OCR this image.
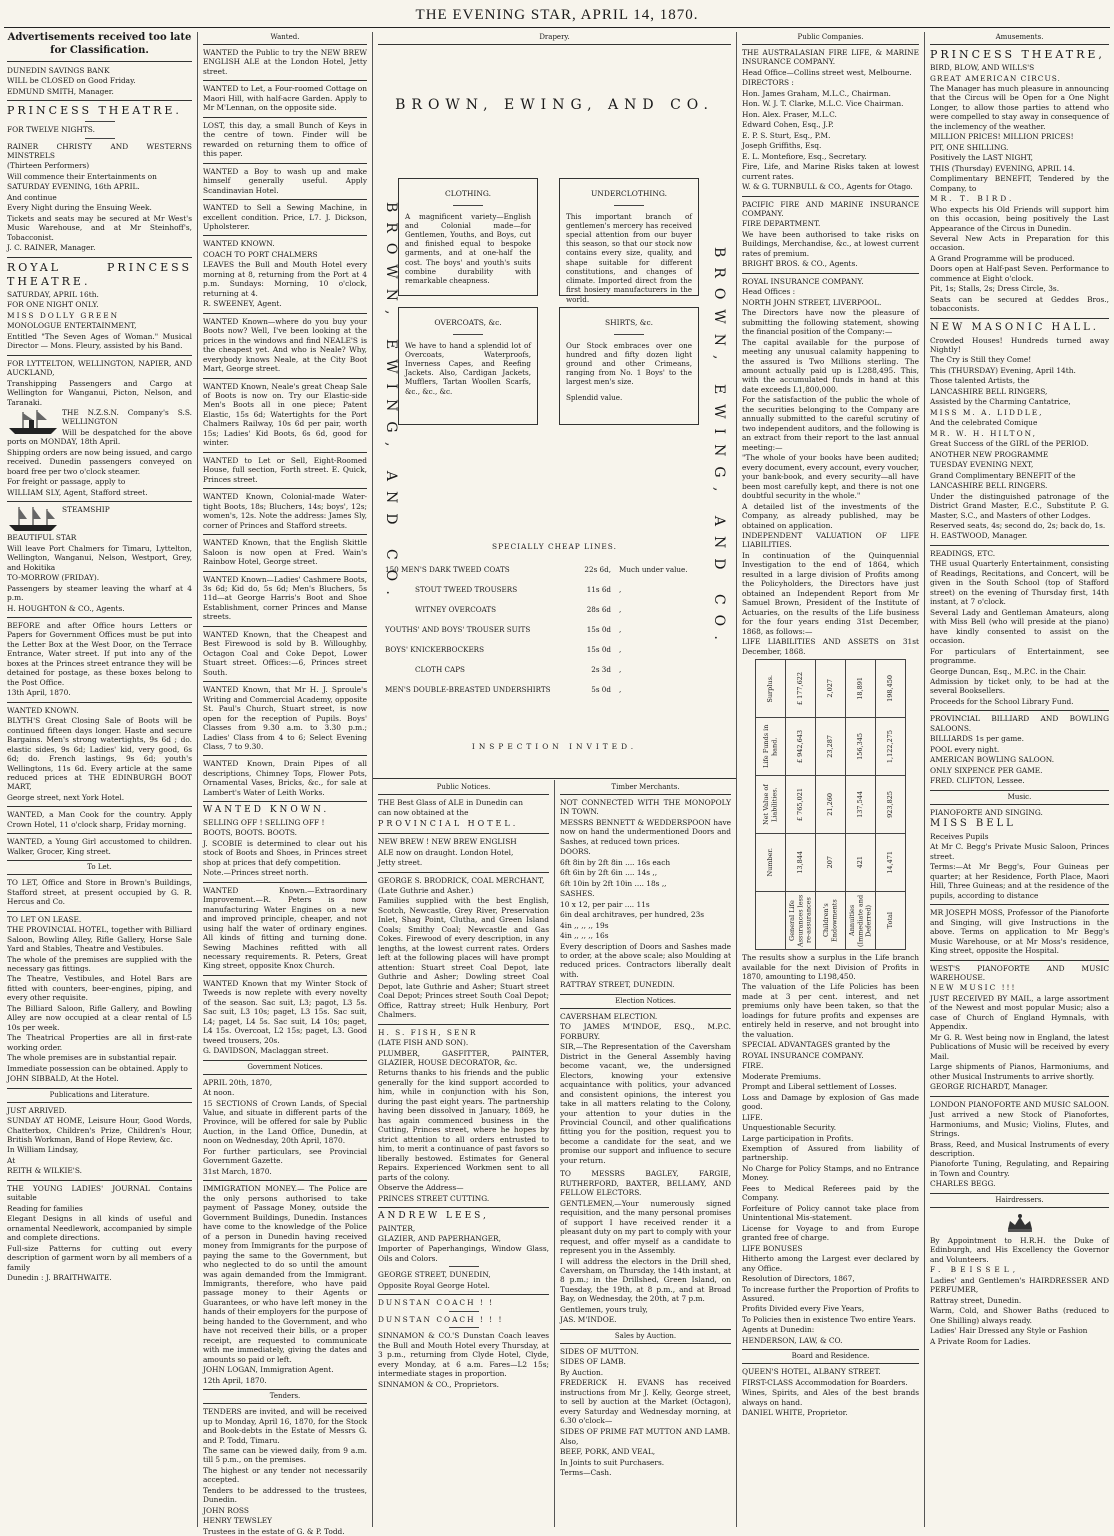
THE EVENING STAR, APRIL 14, 1870.
Advertisements received too late for Classification.

DUNEDIN SAVINGS BANK

WILL be CLOSED on Good Friday.

EDMUND SMITH, Manager.

PRINCESS THEATRE.

FOR TWELVE NIGHTS.

RAINER CHRISTY AND WESTERNS MINSTRELS

(Thirteen Performers)

Will commence their Entertainments on

SATURDAY EVENING, 16th APRIL.

And continue

Every Night during the Ensuing Week.

Tickets and seats may be secured at Mr West's Music Warehouse, and at Mr Steinhoff's, Tobacconist.

J. C. RAINER, Manager.

ROYAL PRINCESS THEATRE.

SATURDAY, APRIL 16th.

FOR ONE NIGHT ONLY.

MISS DOLLY GREEN

MONOLOGUE ENTERTAINMENT,

Entitled "The Seven Ages of Woman." Musical Director — Mons. Fleury, assisted by his Band.

FOR LYTTELTON, WELLINGTON, NAPIER, AND AUCKLAND,

Transhipping Passengers and Cargo at Wellington for Wanganui, Picton, Nelson, and Taranaki.

THE N.Z.S.N. Company's S.S. WELLINGTON

Will be despatched for the above ports on MONDAY, 18th April.

Shipping orders are now being issued, and cargo received. Dunedin passengers conveyed on board free per two o'clock steamer.

For freight or passage, apply to

WILLIAM SLY, Agent, Stafford street.

STEAMSHIP

BEAUTIFUL STAR

Will leave Port Chalmers for Timaru, Lyttelton, Wellington, Wanganui, Nelson, Westport, Grey, and Hokitika

TO-MORROW (FRIDAY).

Passengers by steamer leaving the wharf at 4 p.m.

H. HOUGHTON & CO., Agents.

BEFORE and after Office hours Letters or Papers for Government Offices must be put into the Letter Box at the West Door, on the Terrace Entrance, Water street. If put into any of the boxes at the Princes street entrance they will be detained for postage, as these boxes belong to the Post Office.

13th April, 1870.

WANTED KNOWN.

BLYTH'S Great Closing Sale of Boots will be continued fifteen days longer. Haste and secure Bargains. Men's strong watertights, 9s 6d ; do. elastic sides, 9s 6d; Ladies' kid, very good, 6s 6d; do. French lastings, 9s 6d; youth's Wellingtons, 11s 6d. Every article at the same reduced prices at THE EDINBURGH BOOT MART,

George street, next York Hotel.

WANTED, a Man Cook for the country. Apply Crown Hotel, 11 o'clock sharp, Friday morning.

WANTED, a Young Girl accustomed to children. Walker, Grocer, King street.

To Let.

TO LET, Office and Store in Brown's Buildings, Stafford street, at present occupied by G. R. Hercus and Co.

TO LET ON LEASE.

THE PROVINCIAL HOTEL, together with Billiard Saloon, Bowling Alley, Rifle Gallery, Horse Sale Yard and Stables, Theatre and Vestibules.

The whole of the premises are supplied with the necessary gas fittings.

The Theatre, Vestibules, and Hotel Bars are fitted with counters, beer-engines, piping, and every other requisite.

The Billiard Saloon, Rifle Gallery, and Bowling Alley are now occupied at a clear rental of L5 10s per week.

The Theatrical Properties are all in first-rate working order.

The whole premises are in substantial repair.

Immediate possession can be obtained. Apply to

JOHN SIBBALD, At the Hotel.

Publications and Literature.

JUST ARRIVED.

SUNDAY AT HOME, Leisure Hour, Good Words, Chatterbox, Children's Prize, Children's Hour, British Workman, Band of Hope Review, &c.

In William Lindsay,

At

REITH & WILKIE'S.

THE YOUNG LADIES' JOURNAL Contains suitable

Reading for families

Elegant Designs in all kinds of useful and ornamental Needlework, accompanied by simple and complete directions.

Full-size Patterns for cutting out every description of garment worn by all members of a family

Dunedin : J. BRAITHWAITE.

Wanted.

WANTED the Public to try the NEW BREW ENGLISH ALE at the London Hotel, Jetty street.

WANTED to Let, a Four-roomed Cottage on Maori Hill, with half-acre Garden. Apply to Mr M'Lennan, on the opposite side.

LOST, this day, a small Bunch of Keys in the centre of town. Finder will be rewarded on returning them to office of this paper.

WANTED a Boy to wash up and make himself generally useful. Apply Scandinavian Hotel.

WANTED to Sell a Sewing Machine, in excellent condition. Price, L7. J. Dickson, Upholsterer.

WANTED KNOWN.

COACH TO PORT CHALMERS

LEAVES the Bull and Mouth Hotel every morning at 8, returning from the Port at 4 p.m. Sundays: Morning, 10 o'clock, returning at 4.

R. SWEENEY, Agent.

WANTED Known—where do you buy your Boots now? Well, I've been looking at the prices in the windows and find NEALE'S is the cheapest yet. And who is Neale? Why, everybody knows Neale, at the City Boot Mart, George street.

WANTED Known, Neale's great Cheap Sale of Boots is now on. Try our Elastic-side Men's Boots all in one piece; Patent Elastic, 15s 6d; Watertights for the Port Chalmers Railway, 10s 6d per pair, worth 15s; Ladies' Kid Boots, 6s 6d, good for winter.

WANTED to Let or Sell, Eight-Roomed House, full section, Forth street. E. Quick, Princes street.

WANTED Known, Colonial-made Water-tight Boots, 18s; Bluchers, 14s; boys', 12s; women's, 12s. Note the address: James Sly, corner of Princes and Stafford streets.

WANTED Known, that the English Skittle Saloon is now open at Fred. Wain's Rainbow Hotel, George street.

WANTED Known—Ladies' Cashmere Boots, 3s 6d; Kid do, 5s 6d; Men's Bluchers, 5s 11d—at George Harris's Boot and Shoe Establishment, corner Princes and Manse streets.

WANTED Known, that the Cheapest and Best Firewood is sold by B. Willoughby, Octagon Coal and Coke Depot, Lower Stuart street. Offices:—6, Princes street South.

WANTED Known, that Mr H. J. Sproule's Writing and Commercial Academy, opposite St. Paul's Church, Stuart street, is now open for the reception of Pupils. Boys' Classes from 9.30 a.m. to 3.30 p.m.; Ladies' Class from 4 to 6; Select Evening Class, 7 to 9.30.

WANTED Known, Drain Pipes of all descriptions, Chimney Tops, Flower Pots, Ornamental Vases, Bricks, &c., for sale at Lambert's Water of Leith Works.

WANTED KNOWN.

SELLING OFF ! SELLING OFF !

BOOTS, BOOTS. BOOTS.

J. SCOBIE is determined to clear out his stock of Boots and Shoes, in Princes street shop at prices that defy competition.

Note.—Princes street north.

WANTED Known.—Extraordinary Improvement.—R. Peters is now manufacturing Water Engines on a new and improved principle, cheaper, and not using half the water of ordinary engines. All kinds of fitting and turning done. Sewing Machines refitted with all necessary requirements. R. Peters, Great King street, opposite Knox Church.

WANTED Known that my Winter Stock of Tweeds is now replete with every novelty of the season. Sac suit, L3; pagot, L3 5s. Sac suit, L3 10s; paget, L3 15s. Sac suit, L4; paget, L4 5s. Sac suit, L4 10s; paget, L4 15s. Overcoat, L2 15s; paget, L3. Good tweed trousers, 20s.

G. DAVIDSON, Maclaggan street.

Government Notices.

APRIL 20th, 1870,

At noon.

15 SECTIONS of Crown Lands, of Special Value, and situate in different parts of the Province, will be offered for sale by Public Auction, in the Land Office, Dunedin, at noon on Wednesday, 20th April, 1870.

For further particulars, see Provincial Government Gazette.

31st March, 1870.

IMMIGRATION MONEY.— The Police are the only persons authorised to take payment of Passage Money, outside the Government Buildings, Dunedin. Instances have come to the knowledge of the Police of a person in Dunedin having received money from Immigrants for the purpose of paying the same to the Government, but who neglected to do so until the amount was again demanded from the Immigrant. Immigrants, therefore, who have paid passage money to their Agents or Guarantees, or who have left money in the hands of their employers for the purpose of being handed to the Government, and who have not received their bills, or a proper receipt, are requested to communicate with me immediately, giving the dates and amounts so paid or left.

JOHN LOGAN, Immigration Agent.

12th April, 1870.

Tenders.

TENDERS are invited, and will be received up to Monday, April 16, 1870, for the Stock and Book-debts in the Estate of Messrs G. and P. Todd, Timaru.

The same can be viewed daily, from 9 a.m. till 5 p.m., on the premises.

The highest or any tender not necessarily accepted.

Tenders to be addressed to the trustees, Dunedin.

JOHN ROSS

HENRY TEWSLEY

Trustees in the estate of G. & P. Todd.

Drapery.
BROWN, EWING, AND CO.
BROWN, EWING, AND CO.	BROWN, EWING, AND CO.
CLOTHING.

A magnificent variety—English and Colonial made—for Gentlemen, Youths, and Boys, cut and finished equal to bespoke garments, and at one-half the cost. The boys' and youth's suits combine durability with remarkable cheapness.

UNDERCLOTHING.

This important branch of gentlemen's mercery has received special attention from our buyer this season, so that our stock now contains every size, quality, and shape suitable for different constitutions, and changes of climate. Imported direct from the first hosiery manufacturers in the world.

OVERCOATS, &c.

We have to hand a splendid lot of Overcoats, Waterproofs, Inverness Capes, and Reefing Jackets. Also, Cardigan Jackets, Mufflers, Tartan Woollen Scarfs, &c., &c., &c.

SHIRTS, &c.

Our Stock embraces over one hundred and fifty dozen light ground and other Crimeans, ranging from No. 1 Boys' to the largest men's size.

Splendid value.

SPECIALLY CHEAP LINES.
150 MEN'S DARK TWEED COATS	22s 6d,	Much under value.
STOUT TWEED TROUSERS	11s 6d	,
WITNEY OVERCOATS	28s 6d	,
YOUTHS' AND BOYS' TROUSER SUITS	15s 0d	,
BOYS' KNICKERBOCKERS	15s 0d	,
CLOTH CAPS	2s 3d	,
MEN'S DOUBLE-BREASTED UNDERSHIRTS	5s 0d	,
INSPECTION INVITED.
Public Notices.

THE Best Glass of ALE in Dunedin can

can now obtained at the

PROVINCIAL HOTEL.

NEW BREW ! NEW BREW ENGLISH

ALE now on draught. London Hotel,

Jetty street.

GEORGE S. BRODRICK, COAL MERCHANT,

(Late Guthrie and Asher.)

Families supplied with the best English, Scotch, Newcastle, Grey River, Preservation Inlet, Shag Point, Clutha, and Green Island Coals; Smithy Coal; Newcastle and Gas Cokes. Firewood of every description, in any lengths, at the lowest current rates. Orders left at the following places will have prompt attention: Stuart street Coal Depot, late Guthrie and Asher; Dowling street Coal Depot, late Guthrie and Asher; Stuart street Coal Depot; Princes street South Coal Depot; Office, Rattray street; Hulk Henbury, Port Chalmers.

H. S. FISH, SENR

(LATE FISH AND SON).

PLUMBER, GASFITTER, PAINTER, GLAZIER, HOUSE DECORATOR, &c.

Returns thanks to his friends and the public generally for the kind support accorded to him, while in conjunction with his Son, during the past eight years. The partnership having been dissolved in January, 1869, he has again commenced business in the Cutting, Princes street, where he hopes by strict attention to all orders entrusted to him, to merit a continuance of past favors so liberally bestowed. Estimates for General Repairs. Experienced Workmen sent to all parts of the colony.

Observe the Address—

PRINCES STREET CUTTING.

ANDREW LEES,

PAINTER,

GLAZIER, AND PAPERHANGER,

Importer of Paperhangings, Window Glass, Oils and Colors.

GEORGE STREET, DUNEDIN,

Opposite Royal George Hotel.

DUNSTAN COACH ! !

DUNSTAN COACH ! ! !

SINNAMON & CO.'S Dunstan Coach leaves the Bull and Mouth Hotel every Thursday, at 3 p.m., returning from Clyde Hotel, Clyde, every Monday, at 6 a.m. Fares—L2 15s; intermediate stages in proportion.

SINNAMON & CO., Proprietors.

Timber Merchants.

NOT CONNECTED WITH THE MONOPOLY IN TOWN.

MESSRS BENNETT & WEDDERSPOON have now on hand the undermentioned Doors and Sashes, at reduced town prices.

DOORS.

6ft 8in by 2ft 8in .... 16s each

6ft 6in by 2ft 6in .... 14s ,,

6ft 10in by 2ft 10in .... 18s ,,

SASHES.

10 x 12, per pair .... 11s

6in deal architraves, per hundred, 23s

4in ,, ,, ,, 19s

4in ,, ,, ,, 16s

Every description of Doors and Sashes made to order, at the above scale; also Moulding at reduced prices. Contractors liberally dealt with.

RATTRAY STREET, DUNEDIN.

Election Notices.

CAVERSHAM ELECTION.

TO JAMES M'INDOE, ESQ., M.P.C. FORBURY.

SIR,—The Representation of the Caversham District in the General Assembly having become vacant, we, the undersigned Electors, knowing your extensive acquaintance with politics, your advanced and consistent opinions, the interest you take in all matters relating to the Colony, your attention to your duties in the Provincial Council, and other qualifications fitting you for the position, request you to become a candidate for the seat, and we promise our support and influence to secure your return.

TO MESSRS BAGLEY, FARGIE, RUTHERFORD, BAXTER, BELLAMY, AND FELLOW ELECTORS.

GENTLEMEN,—Your numerously signed requisition, and the many personal promises of support I have received render it a pleasant duty on my part to comply with your request, and offer myself as a candidate to represent you in the Assembly.

I will address the electors in the Drill shed, Caversham, on Thursday, the 14th instant, at 8 p.m.; in the Drillshed, Green Island, on Tuesday, the 19th, at 8 p.m., and at Broad Bay, on Wednesday, the 20th, at 7 p.m.

Gentlemen, yours truly,

JAS. M'INDOE.

Sales by Auction.

SIDES OF MUTTON.

SIDES OF LAMB.

By Auction.

FREDERICK H. EVANS has received instructions from Mr J. Kelly, George street, to sell by auction at the Market (Octagon), every Saturday and Wednesday morning, at 6.30 o'clock—

SIDES OF PRIME FAT MUTTON AND LAMB.

Also,

BEEF, PORK, AND VEAL,

In Joints to suit Purchasers.

Terms—Cash.

Public Companies.

THE AUSTRALASIAN FIRE LIFE, & MARINE INSURANCE COMPANY.

Head Office—Collins street west, Melbourne.

DIRECTORS :

Hon. James Graham, M.L.C., Chairman.

Hon. W. J. T. Clarke, M.L.C. Vice Chairman.

Hon. Alex. Fraser, M.L.C.

Edward Cohen, Esq., J.P.

E. P. S. Sturt, Esq., P.M.

Joseph Griffiths, Esq.

E. L. Montefiore, Esq., Secretary.

Fire, Life, and Marine Risks taken at lowest current rates.

W. & G. TURNBULL & CO., Agents for Otago.

PACIFIC FIRE AND MARINE INSURANCE COMPANY.

FIRE DEPARTMENT.

We have been authorised to take risks on Buildings, Merchandise, &c., at lowest current rates of premium.

BRIGHT BROS. & CO., Agents.

ROYAL INSURANCE COMPANY.

Head Offices :

NORTH JOHN STREET, LIVERPOOL.

The Directors have now the pleasure of submitting the following statement, showing the financial position of the Company:—

The capital available for the purpose of meeting any unusual calamity happening to the assured is Two Millions sterling. The amount actually paid up is L288,495. This, with the accumulated funds in hand at this date exceeds L1,800,000.

For the satisfaction of the public the whole of the securities belonging to the Company are annually submitted to the careful scrutiny of two independent auditors, and the following is an extract from their report to the last annual meeting:—

"The whole of your books have been audited; every document, every account, every voucher, your bank-book, and every security—all have been most carefully kept, and there is not one doubtful security in the whole."

A detailed list of the investments of the Company, as already published, may be obtained on application.

INDEPENDENT VALUATION OF LIFE LIABILITIES.

In continuation of the Quinquennial Investigation to the end of 1864, which resulted in a large division of Profits among the Policyholders, the Directors have just obtained an Independent Report from Mr Samuel Brown, President of the Institute of Actuaries, on the results of the Life business for the four years ending 31st December, 1868, as follows:—

LIFE LIABILITIES AND ASSETS on 31st December, 1868.

Surplus.	£ 177,622	2,027	18,891	198,450

Life Funds in hand.	£ 942,643	23,287	156,345	1,122,275

Net Value of Liabilities.	£ 765,021	21,260	137,544	923,825

Number.	13,844	207	421	14,471

	General Life Assurances less re-assurances	Children's Endowments	Annuities (Immediate and Deferred)	Total

The results show a surplus in the Life branch available for the next Division of Profits in 1870, amounting to L198,450.

The valuation of the Life Policies has been made at 3 per cent. interest, and net premiums only have been taken, so that the loadings for future profits and expenses are entirely held in reserve, and not brought into the valuation.

SPECIAL ADVANTAGES granted by the

ROYAL INSURANCE COMPANY.

FIRE.

Moderate Premiums.

Prompt and Liberal settlement of Losses.

Loss and Damage by explosion of Gas made good.

LIFE.

Unquestionable Security.

Large participation in Profits.

Exemption of Assured from liability of partnership.

No Charge for Policy Stamps, and no Entrance Money.

Fees to Medical Referees paid by the Company.

Forfeiture of Policy cannot take place from Unintentional Mis-statement.

License for Voyage to and from Europe granted free of charge.

LIFE BONUSES

Hitherto among the Largest ever declared by any Office.

Resolution of Directors, 1867,

To increase further the Proportion of Profits to Assured.

Profits Divided every Five Years,

To Policies then in existence Two entire Years.

Agents at Dunedin:

HENDERSON, LAW, & CO.

Board and Residence.

QUEEN'S HOTEL, ALBANY STREET.

FIRST-CLASS Accommodation for Boarders.

Wines, Spirits, and Ales of the best brands always on hand.

DANIEL WHITE, Proprietor.

Amusements.

PRINCESS THEATRE,

BIRD, BLOW, AND WILLS'S

GREAT AMERICAN CIRCUS.

The Manager has much pleasure in announcing that the Circus will be Open for a One Night Longer, to allow those parties to attend who were compelled to stay away in consequence of the inclemency of the weather.

MILLION PRICES! MILLION PRICES!

PIT, ONE SHILLING.

Positively the LAST NIGHT,

THIS (Thursday) EVENING, APRIL 14.

Complimentary BENEFIT, Tendered by the Company, to

MR. T. BIRD.

Who expects his Old Friends will support him on this occasion, being positively the Last Appearance of the Circus in Dunedin.

Several New Acts in Preparation for this occasion.

A Grand Programme will be produced.

Doors open at Half-past Seven. Performance to commence at Eight o'clock.

Pit, 1s; Stalls, 2s; Dress Circle, 3s.

Seats can be secured at Geddes Bros., tobacconists.

NEW MASONIC HALL.

Crowded Houses! Hundreds turned away Nightly!

The Cry is Still they Come!

This (THURSDAY) Evening, April 14th.

Those talented Artists, the

LANCASHIRE BELL RINGERS,

Assisted by the Charming Cantatrice,

MISS M. A. LIDDLE,

And the celebrated Comique

MR. W. H. HILTON,

Great Success of the GIRL of the PERIOD.

ANOTHER NEW PROGRAMME

TUESDAY EVENING NEXT,

Grand Complimentary BENEFIT of the

LANCASHIRE BELL RINGERS.

Under the distinguished patronage of the District Grand Master, E.C., Substitute P. G. Master, S.C., and Masters of other Lodges.

Reserved seats, 4s; second do, 2s; back do, 1s.

H. EASTWOOD, Manager.

READINGS, ETC.

THE usual Quarterly Entertainment, consisting of Readings, Recitations, and Concert, will be given in the South School (top of Stafford street) on the evening of Thursday first, 14th instant, at 7 o'clock.

Several Lady and Gentleman Amateurs, along with Miss Bell (who will preside at the piano) have kindly consented to assist on the occasion.

For particulars of Entertainment, see programme.

George Duncan, Esq., M.P.C. in the Chair.

Admission by ticket only, to be had at the several Booksellers.

Proceeds for the School Library Fund.

PROVINCIAL BILLIARD AND BOWLING SALOONS.

BILLIARDS 1s per game.

POOL every night.

AMERICAN BOWLING SALOON.

ONLY SIXPENCE PER GAME.

FRED. CLIFTON, Lessee.

Music.

PIANOFORTE AND SINGING.

MISS BELL

Receives Pupils

At Mr C. Begg's Private Music Saloon, Princes street.

Terms:—At Mr Begg's, Four Guineas per quarter; at her Residence, Forth Place, Maori Hill, Three Guineas; and at the residence of the pupils, according to distance

MR JOSEPH MOSS, Professor of the Pianoforte and Singing, will give Instructions in the above. Terms on application to Mr Begg's Music Warehouse, or at Mr Moss's residence, King street, opposite the Hospital.

WEST'S PIANOFORTE AND MUSIC WAREHOUSE.

NEW MUSIC !!!

JUST RECEIVED BY MAIL, a large assortment of the Newest and most popular Music; also a case of Church of England Hymnals, with Appendix.

Mr G. R. West being now in England, the latest Publications of Music will be received by every Mail.

Large shipments of Pianos, Harmoniums, and other Musical Instruments to arrive shortly.

GEORGE RICHARDT, Manager.

LONDON PIANOFORTE AND MUSIC SALOON.

Just arrived a new Stock of Pianofortes, Harmoniums, and Music; Violins, Flutes, and Strings.

Brass, Reed, and Musical Instruments of every description.

Pianoforte Tuning, Regulating, and Repairing in Town and Country.

CHARLES BEGG.

Hairdressers.

By Appointment to H.R.H. the Duke of Edinburgh, and His Excellency the Governor and Volunteers.

F. BEISSEL,

Ladies' and Gentlemen's HAIRDRESSER AND PERFUMER,

Rattray street, Dunedin.

Warm, Cold, and Shower Baths (reduced to One Shilling) always ready.

Ladies' Hair Dressed any Style or Fashion

A Private Room for Ladies.
